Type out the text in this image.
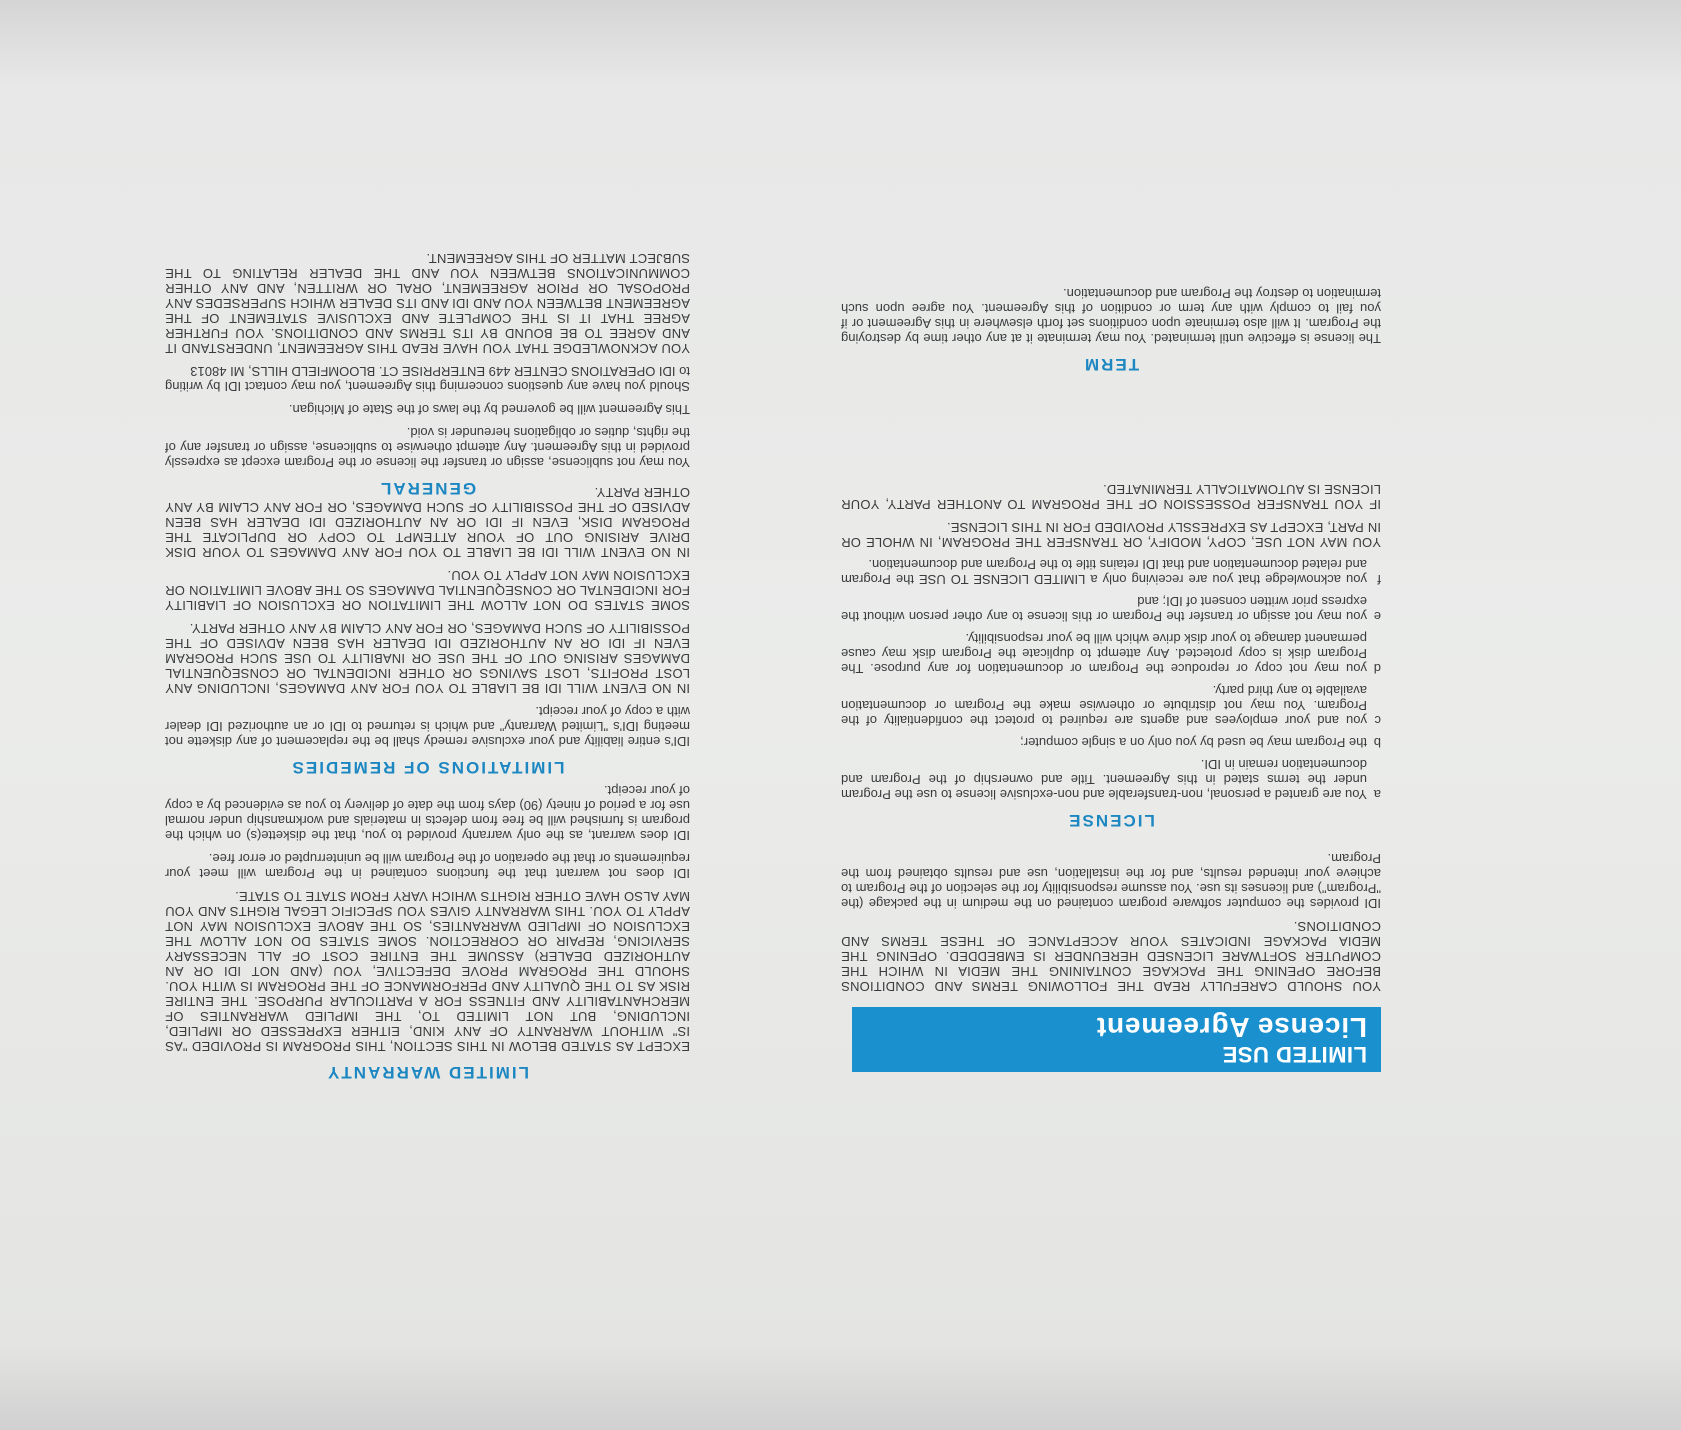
LIMITED USE
License Agreement

YOU SHOULD CAREFULLY READ THE FOLLOWING TERMS AND CONDITIONS BEFORE OPENING THE PACKAGE CONTAINING THE MEDIA IN WHICH THE COMPUTER SOFTWARE LICENSED HEREUNDER IS EMBEDDED. OPENING THE MEDIA PACKAGE INDICATES YOUR ACCEPTANCE OF THESE TERMS AND CONDITIONS.

IDI provides the computer software program contained on the medium in the package (the "Program") and licenses its use. You assume responsibility for the selection of the Program to achieve your intended results, and for the installation, use and results obtained from the Program.

LICENSE

aYou are granted a personal, non-transferable and non-exclusive license to use the Program under the terms stated in this Agreement. Title and ownership of the Program and documentation remain in IDI.

bthe Program may be used by you only on a single computer;

cyou and your employees and agents are required to protect the confidentiality of the Program. You may not distribute or otherwise make the Program or documentation available to any third party.

dyou may not copy or reproduce the Program or documentation for any purpose. The Program disk is copy protected. Any attempt to duplicate the Program disk may cause permanent damage to your disk drive which will be your responsibility.

eyou may not assign or transfer the Program or this license to any other person without the express prior written consent of IDI; and

fyou acknowledge that you are receiving only a LIMITED LICENSE TO USE the Program and related documentation and that IDI retains title to the Program and documentation.

YOU MAY NOT USE, COPY, MODIFY, OR TRANSFER THE PROGRAM, IN WHOLE OR IN PART, EXCEPT AS EXPRESSLY PROVIDED FOR IN THIS LICENSE.

IF YOU TRANSFER POSSESSION OF THE PROGRAM TO ANOTHER PARTY, YOUR LICENSE IS AUTOMATICALLY TERMINATED.

TERM

The license is effective until terminated. You may terminate it at any other time by destroying the Program. It will also terminate upon conditions set forth elsewhere in this Agreement or if you fail to comply with any term or condition of this Agreement. You agree upon such termination to destroy the Program and documentation.

LIMITED WARRANTY

EXCEPT AS STATED BELOW IN THIS SECTION, THIS PROGRAM IS PROVIDED "AS IS" WITHOUT WARRANTY OF ANY KIND, EITHER EXPRESSED OR IMPLIED, INCLUDING, BUT NOT LIMITED TO, THE IMPLIED WARRANTIES OF MERCHANTABILITY AND FITNESS FOR A PARTICULAR PURPOSE. THE ENTIRE RISK AS TO THE QUALITY AND PERFORMANCE OF THE PROGRAM IS WITH YOU. SHOULD THE PROGRAM PROVE DEFECTIVE, YOU (AND NOT IDI OR AN AUTHORIZED DEALER) ASSUME THE ENTIRE COST OF ALL NECESSARY SERVICING, REPAIR OR CORRECTION. SOME STATES DO NOT ALLOW THE EXCLUSION OF IMPLIED WARRANTIES, SO THE ABOVE EXCLUSION MAY NOT APPLY TO YOU. THIS WARRANTY GIVES YOU SPECIFIC LEGAL RIGHTS AND YOU MAY ALSO HAVE OTHER RIGHTS WHICH VARY FROM STATE TO STATE.

IDI does not warrant that the functions contained in the Program will meet your requirements or that the operation of the Program will be uninterrupted or error free.

IDI does warrant, as the only warranty provided to you, that the diskette(s) on which the program is furnished will be free from defects in materials and workmanship under normal use for a period of ninety (90) days from the date of delivery to you as evidenced by a copy of your receipt.

LIMITATIONS OF REMEDIES

IDI's entire liability and your exclusive remedy shall be the replacement of any diskette not meeting IDI's "Limited Warranty" and which is returned to IDI or an authorized IDI dealer with a copy of your receipt.

IN NO EVENT WILL IDI BE LIABLE TO YOU FOR ANY DAMAGES, INCLUDING ANY LOST PROFITS, LOST SAVINGS OR OTHER INCIDENTAL OR CONSEQUENTIAL DAMAGES ARISING OUT OF THE USE OR INABILITY TO USE SUCH PROGRAM EVEN IF IDI OR AN AUTHORIZED IDI DEALER HAS BEEN ADVISED OF THE POSSIBILITY OF SUCH DAMAGES, OR FOR ANY CLAIM BY ANY OTHER PARTY.

SOME STATES DO NOT ALLOW THE LIMITATION OR EXCLUSION OF LIABILITY FOR INCIDENTAL OR CONSEQUENTIAL DAMAGES SO THE ABOVE LIMITATION OR EXCLUSION MAY NOT APPLY TO YOU.

IN NO EVENT WILL IDI BE LIABLE TO YOU FOR ANY DAMAGES TO YOUR DISK DRIVE ARISING OUT OF YOUR ATTEMPT TO COPY OR DUPLICATE THE PROGRAM DISK, EVEN IF IDI OR AN AUTHORIZED IDI DEALER HAS BEEN ADVISED OF THE POSSIBILITY OF SUCH DAMAGES, OR FOR ANY CLAIM BY ANY OTHER PARTY.

GENERAL

You may not sublicense, assign or transfer the license or the Program except as expressly provided in this Agreement. Any attempt otherwise to sublicense, assign or transfer any of the rights, duties or obligations hereunder is void.

This Agreement will be governed by the laws of the State of Michigan.

Should you have any questions concerning this Agreement, you may contact IDI by writing to IDI OPERATIONS CENTER 449 ENTERPRISE CT. BLOOMFIELD HILLS, MI 48013

YOU ACKNOWLEDGE THAT YOU HAVE READ THIS AGREEMENT, UNDERSTAND IT AND AGREE TO BE BOUND BY ITS TERMS AND CONDITIONS. YOU FURTHER AGREE THAT IT IS THE COMPLETE AND EXCLUSIVE STATEMENT OF THE AGREEMENT BETWEEN YOU AND IDI AND ITS DEALER WHICH SUPERSEDES ANY PROPOSAL OR PRIOR AGREEMENT, ORAL OR WRITTEN, AND ANY OTHER COMMUNICATIONS BETWEEN YOU AND THE DEALER RELATING TO THE SUBJECT MATTER OF THIS AGREEMENT.
